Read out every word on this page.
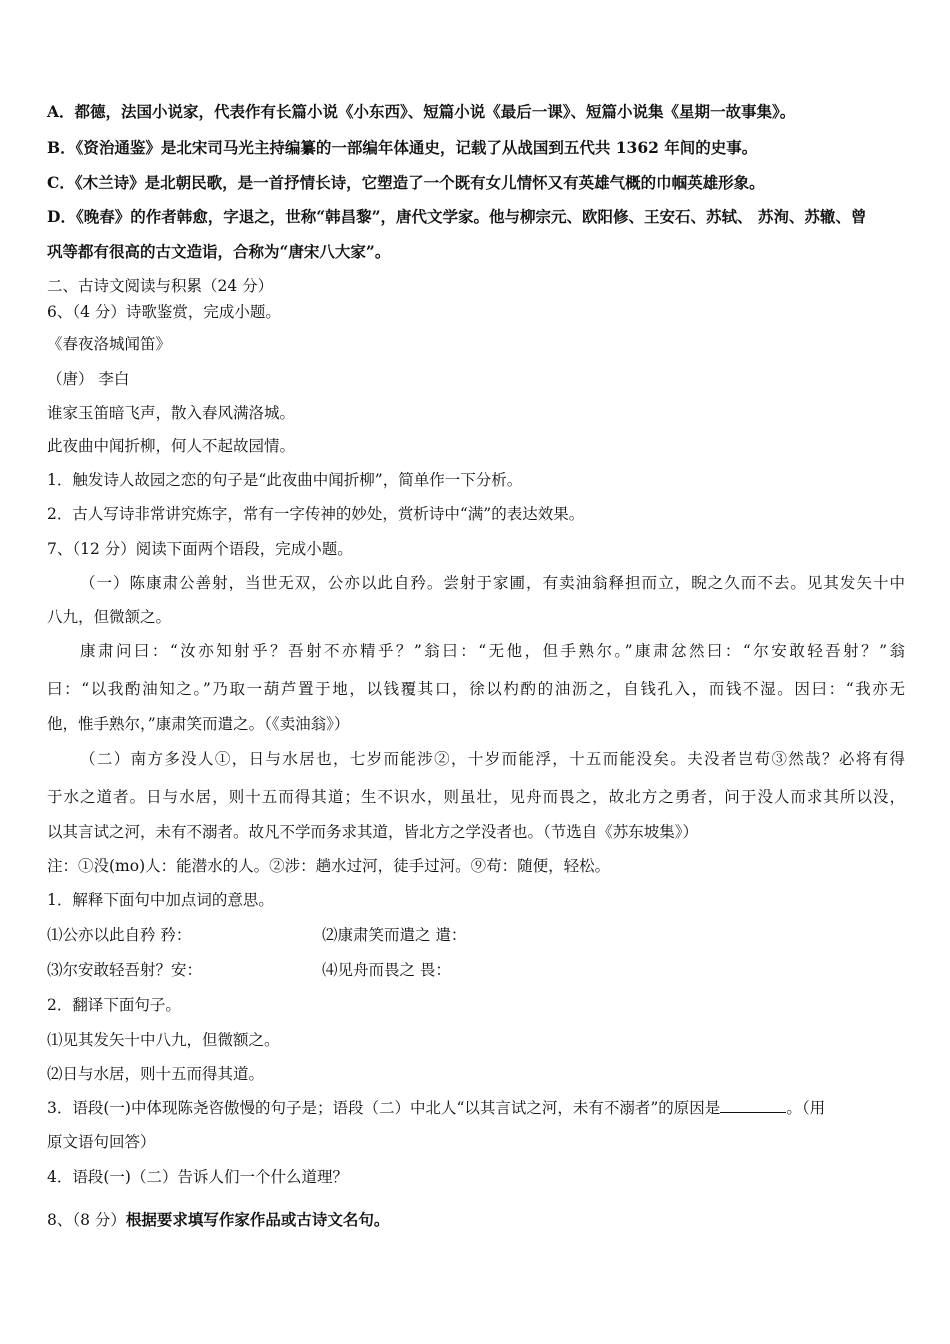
A．都德，法国小说家，代表作有长篇小说《小东西》、短篇小说《最后一课》、短篇小说集《星期一故事集》。
B．《资治通鉴》是北宋司马光主持编纂的一部编年体通史，记载了从战国到五代共 1362 年间的史事。
C．《木兰诗》是北朝民歌，是一首抒情长诗，它塑造了一个既有女儿情怀又有英雄气概的巾帼英雄形象。
D．《晚春》的作者韩愈，字退之，世称“韩昌黎”，唐代文学家。他与柳宗元、欧阳修、王安石、苏轼、 苏洵、苏辙、曾
巩等都有很高的古文造诣，合称为“唐宋八大家”。
二、古诗文阅读与积累（24 分）
6、（4 分）诗歌鉴赏，完成小题。
《春夜洛城闻笛》
（唐） 李白
谁家玉笛暗飞声，散入春风满洛城。
此夜曲中闻折柳，何人不起故园情。
1．触发诗人故园之恋的句子是“此夜曲中闻折柳”，简单作一下分析。
2．古人写诗非常讲究炼字，常有一字传神的妙处，赏析诗中“满”的表达效果。
7、（12 分）阅读下面两个语段，完成小题。
（一）陈康肃公善射，当世无双，公亦以此自矜。尝射于家圃，有卖油翁释担而立，睨之久而不去。见其发矢十中
八九，但微颔之。
康肃问曰：“汝亦知射乎？吾射不亦精乎？”翁曰：“无他，但手熟尔。”康肃忿然曰：“尔安敢轻吾射？”翁
曰：“以我酌油知之。”乃取一葫芦置于地，以钱覆其口，徐以杓酌的油沥之，自钱孔入，而钱不湿。因曰：“我亦无
他，惟手熟尔，”康肃笑而遣之。（《卖油翁》）
（二）南方多没人①，日与水居也，七岁而能涉②，十岁而能浮，十五而能没矣。夫没者岂苟③然哉？必将有得
于水之道者。日与水居，则十五而得其道；生不识水，则虽壮，见舟而畏之，故北方之勇者，问于没人而求其所以没，
以其言试之河，未有不溺者。故凡不学而务求其道，皆北方之学没者也。（节选自《苏东坡集》）
注：①没(mo)人：能潜水的人。②涉：趟水过河，徒手过河。⑨苟：随便，轻松。
1．解释下面句中加点词的意思。
⑴公亦以此自矜 矜：	⑵康肃笑而遣之 遣：
⑶尔安敢轻吾射？安：	⑷见舟而畏之 畏：
2．翻译下面句子。
⑴见其发矢十中八九，但微额之。
⑵日与水居，则十五而得其道。
3．语段(一)中体现陈尧咨傲慢的句子是；语段（二）中北人“以其言试之河，未有不溺者”的原因是	。（用
原文语句回答）
4．语段(一)（二）告诉人们一个什么道理？
8、（8 分）根据要求填写作家作品或古诗文名句。
